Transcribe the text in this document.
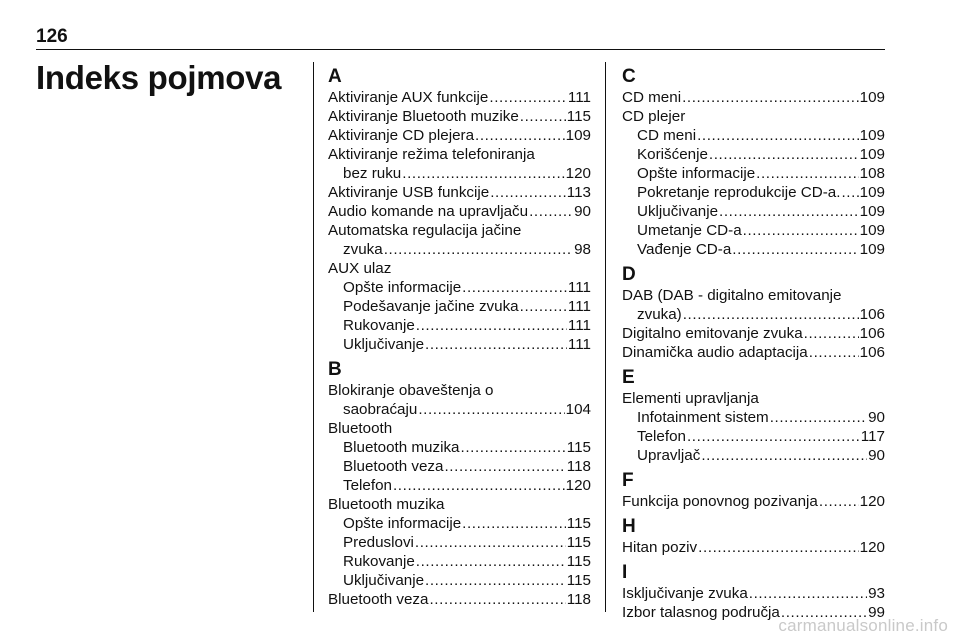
126
Indeks pojmova A
Aktiviranje AUX funkcije .....	111
Aktiviranje Bluetooth muzike .....	115
Aktiviranje CD plejera .....	109
Aktiviranje režima telefoniranja
bez ruku .....	120
Aktiviranje USB funkcije .....	113
Audio komande na upravljaču .....	90
Automatska regulacija jačine
zvuka .....	98
AUX ulaz
Opšte informacije .....	111
Podešavanje jačine zvuka .....	111
Rukovanje .....	111
Uključivanje .....	111
B
Blokiranje obaveštenja o
saobraćaju .....	104
Bluetooth
Bluetooth muzika .....	115
Bluetooth veza .....	118
Telefon .....	120
Bluetooth muzika
Opšte informacije .....	115
Preduslovi .....	115
Rukovanje .....	115
Uključivanje .....	115
Bluetooth veza .....	118
C
CD meni .....	109
CD plejer
CD meni .....	109
Korišćenje .....	109
Opšte informacije .....	108
Pokretanje reprodukcije CD-a. ..... 109
Uključivanje .....	109
Umetanje CD-a .....	109
Vađenje CD-a .....	109
D
DAB (DAB - digitalno emitovanje
zvuka) .....	106
Digitalno emitovanje zvuka .....	106
Dinamička audio adaptacija .....	106
E
Elementi upravljanja
Infotainment sistem .....	90
Telefon .....	117
Upravljač .....	90
F
Funkcija ponovnog pozivanja .....	120
H
Hitan poziv .....	120
I
Isključivanje zvuka .....	93
Izbor talasnog područja .....	99
carmanualsonline.info
